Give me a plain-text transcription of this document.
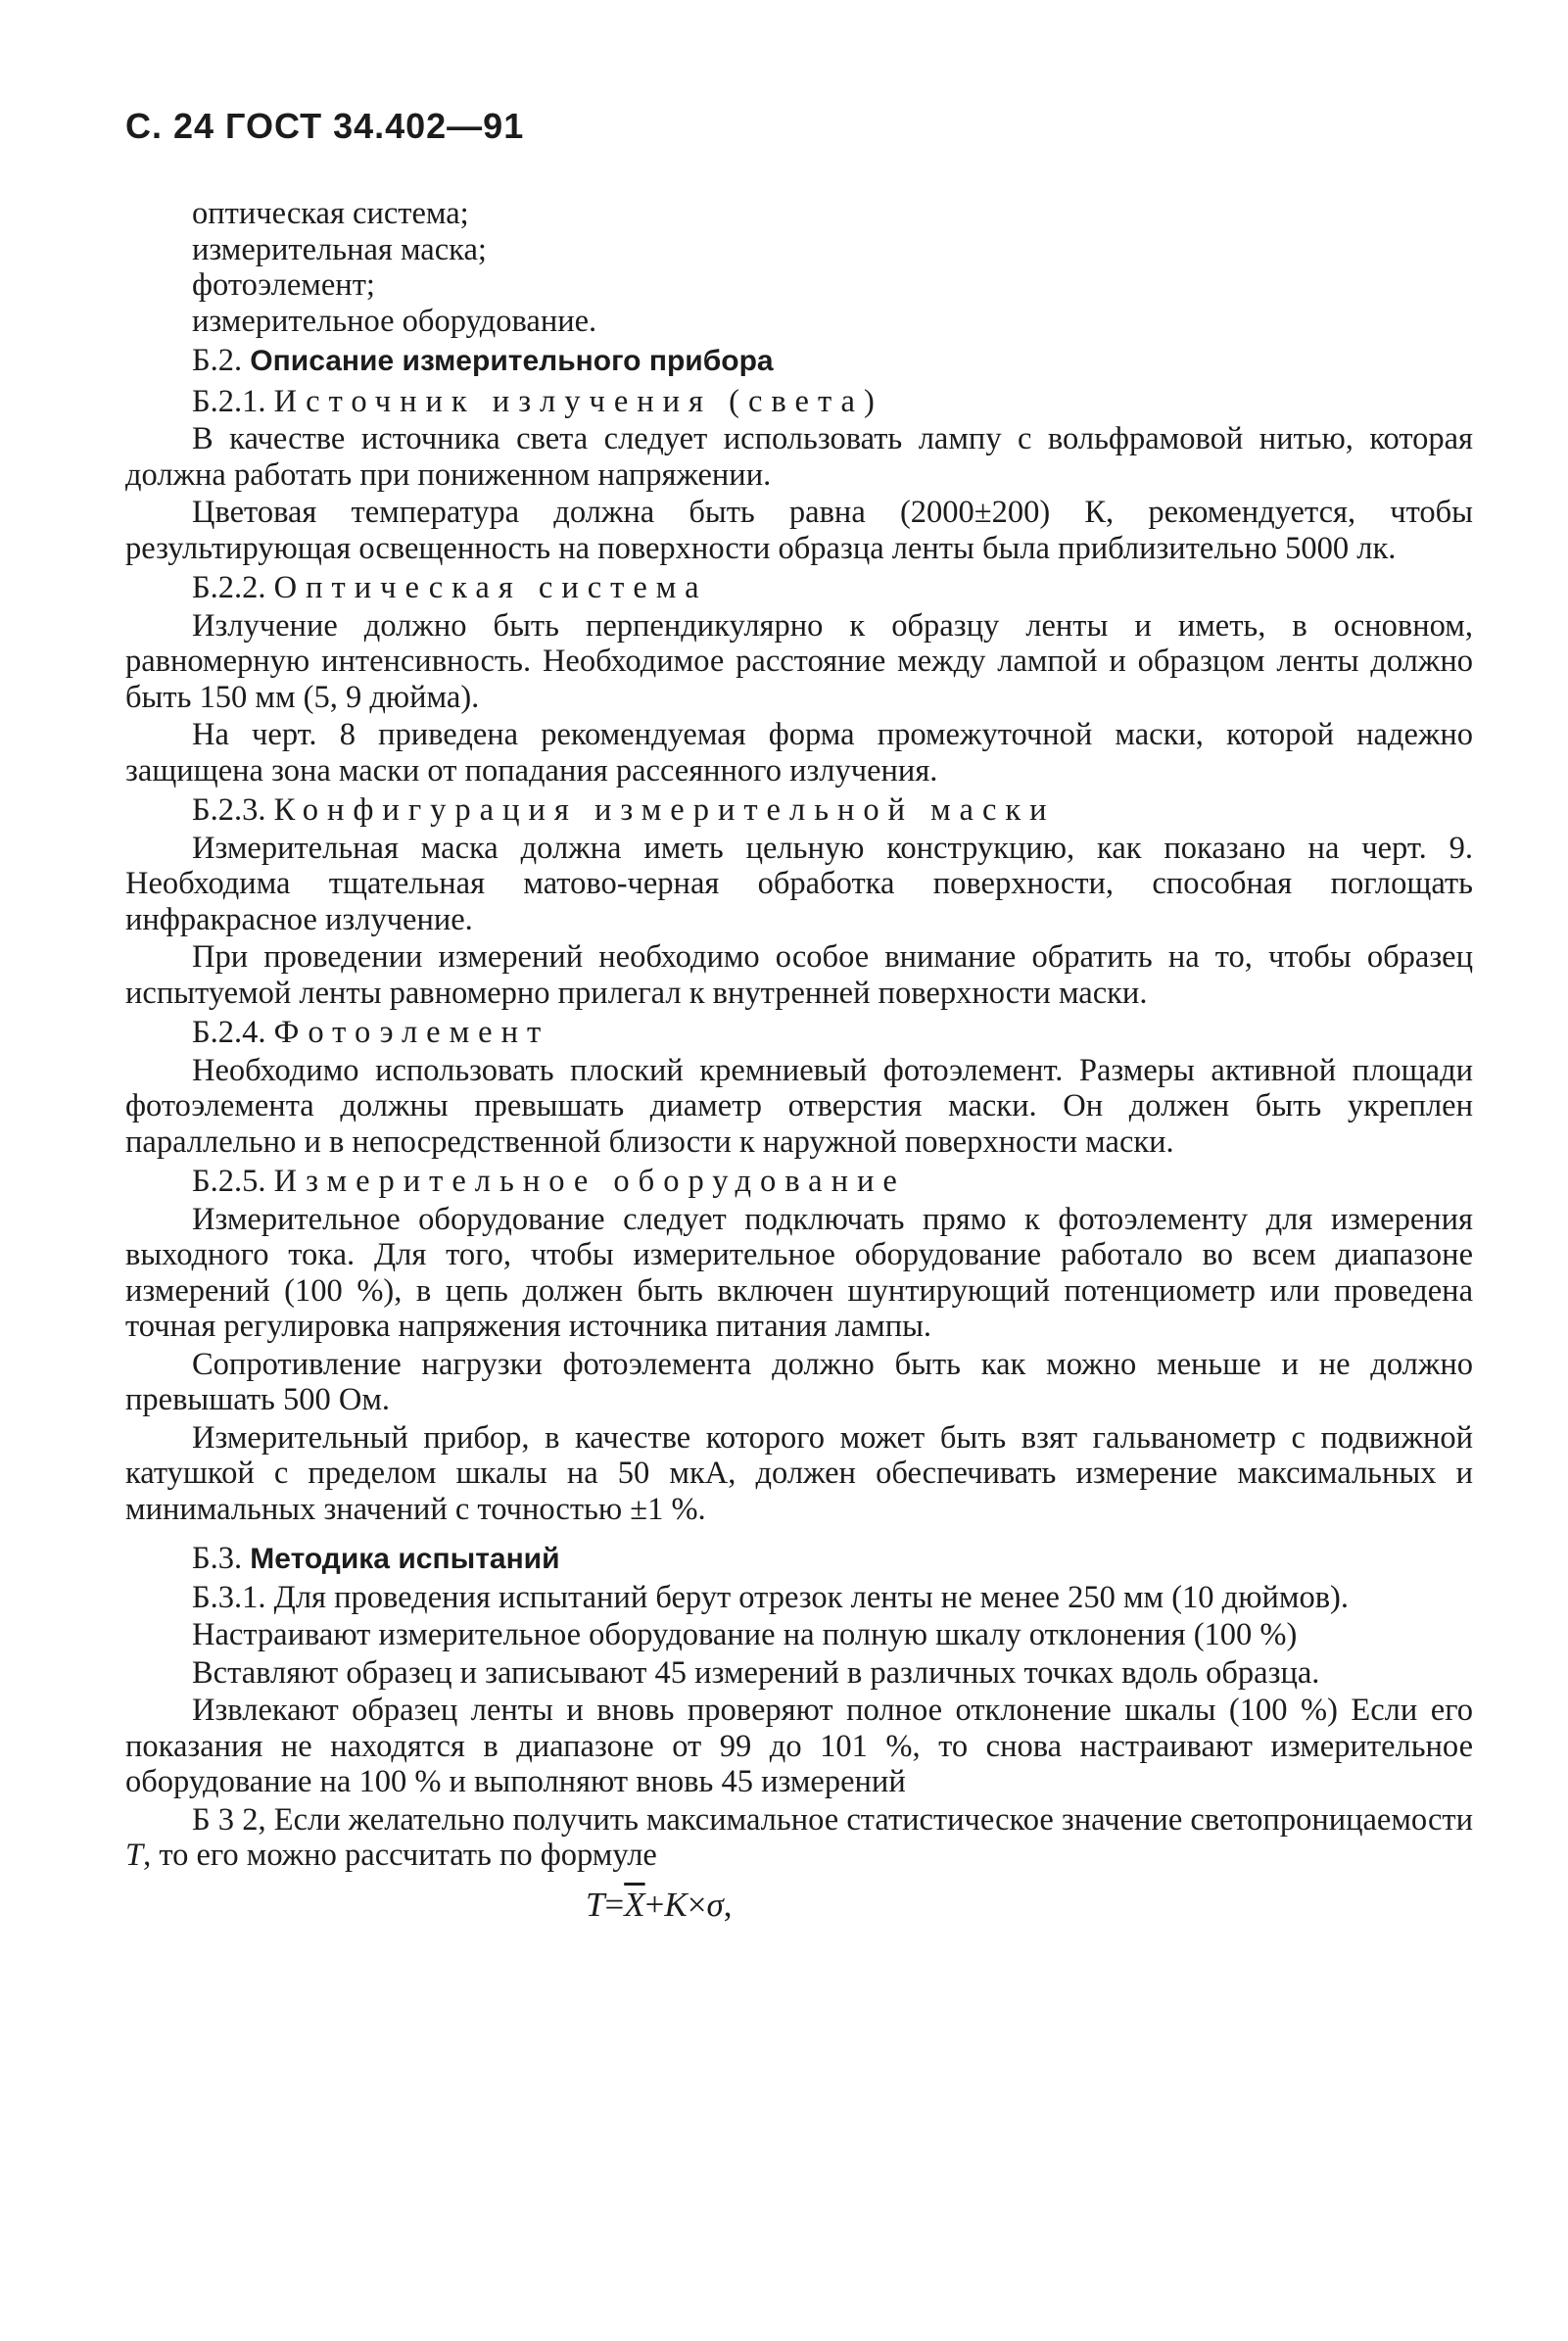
С. 24 ГОСТ 34.402—91
оптическая система;
измерительная маска;
фотоэлемент;
измерительное оборудование.
Б.2. Описание измерительного прибора
Б.2.1. Источник излучения (света)

В качестве источника света следует использовать лампу с вольфрамовой нитью, которая должна работать при пониженном напряжении.

Цветовая температура должна быть равна (2000±200) К, рекомендуется, чтобы результирующая освещенность на поверхности образца ленты была приблизительно 5000 лк.

Б.2.2. Оптическая система

Излучение должно быть перпендикулярно к образцу ленты и иметь, в основном, равномерную интенсивность. Необходимое расстояние между лампой и образцом ленты должно быть 150 мм (5, 9 дюйма).

На черт. 8 приведена рекомендуемая форма промежуточной маски, которой надежно защищена зона маски от попадания рассеянного излучения.

Б.2.3. Конфигурация измерительной маски

Измерительная маска должна иметь цельную конструкцию, как показано на черт. 9. Необходима тщательная матово-черная обработка поверхности, способная поглощать инфракрасное излучение.

При проведении измерений необходимо особое внимание обратить на то, чтобы образец испытуемой ленты равномерно прилегал к внутренней поверхности маски.

Б.2.4. Фотоэлемент

Необходимо использовать плоский кремниевый фотоэлемент. Размеры активной площади фотоэлемента должны превышать диаметр отверстия маски. Он должен быть укреплен параллельно и в непосредственной близости к наружной поверхности маски.

Б.2.5. Измерительное оборудование

Измерительное оборудование следует подключать прямо к фотоэлементу для измерения выходного тока. Для того, чтобы измерительное оборудование работало во всем диапазоне измерений (100 %), в цепь должен быть включен шунтирующий потенциометр или проведена точная регулировка напряжения источника питания лампы.

Сопротивление нагрузки фотоэлемента должно быть как можно меньше и не должно превышать 500 Ом.

Измерительный прибор, в качестве которого может быть взят гальванометр с подвижной катушкой с пределом шкалы на 50 мкА, должен обеспечивать измерение максимальных и минимальных значений с точностью ±1 %.

Б.3. Методика испытаний

Б.3.1. Для проведения испытаний берут отрезок ленты не менее 250 мм (10 дюймов).

Настраивают измерительное оборудование на полную шкалу отклонения (100 %)

Вставляют образец и записывают 45 измерений в различных точках вдоль образца.

Извлекают образец ленты и вновь проверяют полное отклонение шкалы (100 %) Если его показания не находятся в диапазоне от 99 до 101 %, то снова настраивают измерительное оборудование на 100 % и выполняют вновь 45 измерений

Б 3 2, Если желательно получить максимальное статистическое значение светопроницаемости T, то его можно рассчитать по формуле

$T=\overline{X}+K\times\sigma$,
